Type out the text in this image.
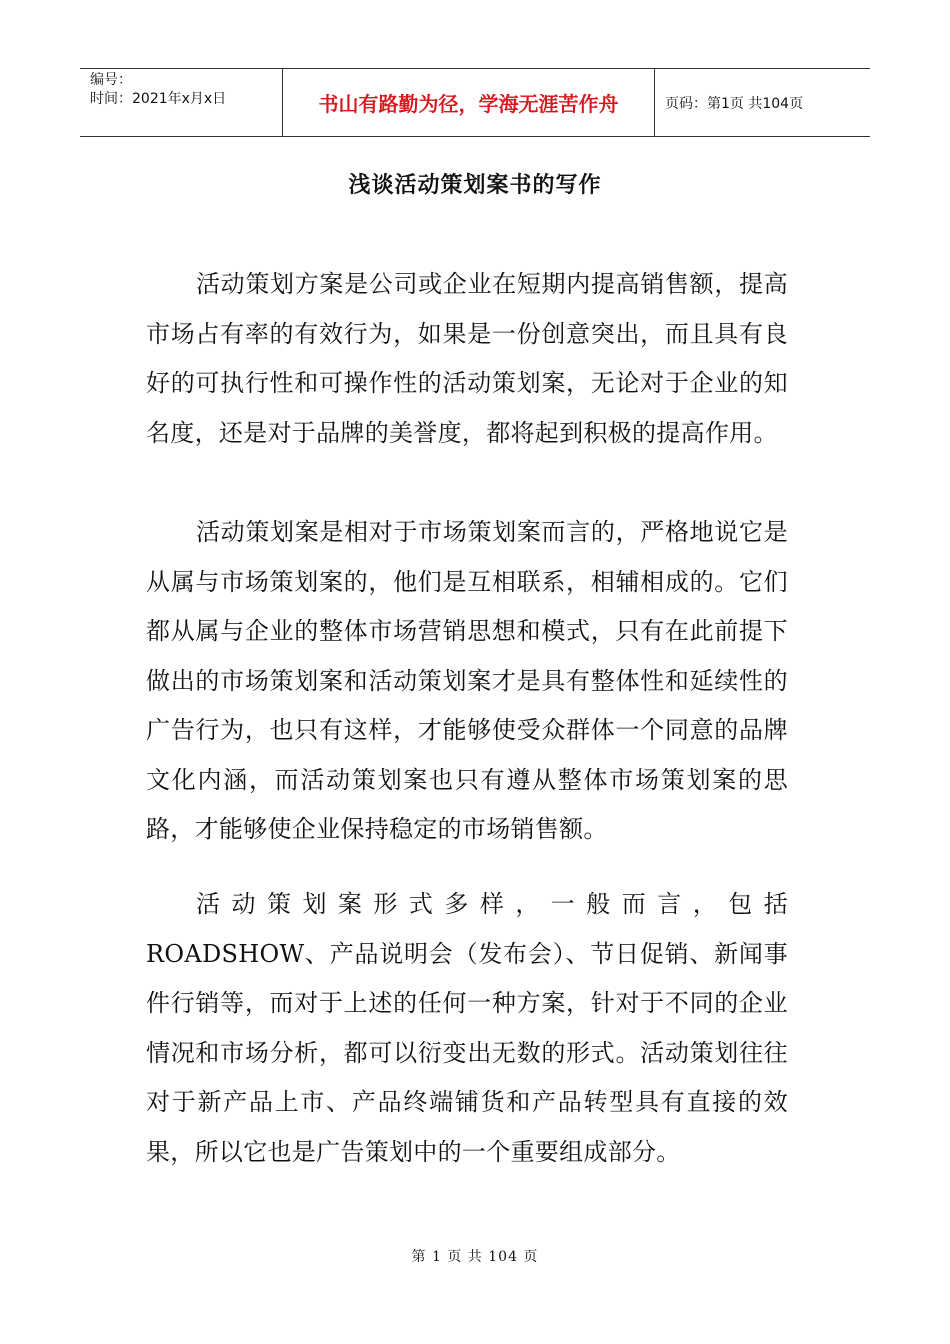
编号：
时间：2021年x月x日	书山有路勤为径，学海无涯苦作舟	页码：第1页 共104页
浅谈活动策划案书的写作
活动策划方案是公司或企业在短期内提高销售额，提高市场占有率的有效行为，如果是一份创意突出，而且具有良好的可执行性和可操作性的活动策划案，无论对于企业的知名度，还是对于品牌的美誉度，都将起到积极的提高作用。
活动策划案是相对于市场策划案而言的，严格地说它是从属与市场策划案的，他们是互相联系，相辅相成的。它们都从属与企业的整体市场营销思想和模式，只有在此前提下做出的市场策划案和活动策划案才是具有整体性和延续性的广告行为，也只有这样，才能够使受众群体一个同意的品牌文化内涵，而活动策划案也只有遵从整体市场策划案的思路，才能够使企业保持稳定的市场销售额。
活动策划案形式多样，一般而言，包括ROADSHOW、产品说明会（发布会）、节日促销、新闻事件行销等，而对于上述的任何一种方案，针对于不同的企业情况和市场分析，都可以衍变出无数的形式。活动策划往往对于新产品上市、产品终端铺货和产品转型具有直接的效果，所以它也是广告策划中的一个重要组成部分。
第 1 页 共 104 页
